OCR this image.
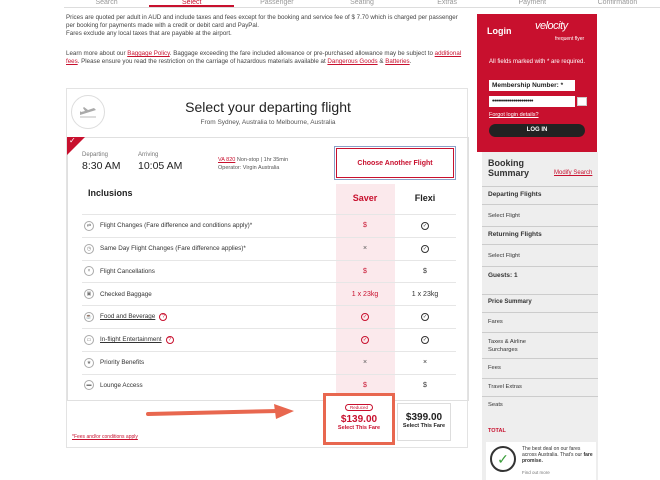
Search	Select	Passenger	Seating	Extras	Payment	Confirmation

Prices are quoted per adult in AUD and include taxes and fees except for the booking and service fee of $ 7.70 which is charged per passenger per booking for payments made with a credit or debit card and PayPal.

Fares exclude any local taxes that are payable at the airport.

Learn more about our Baggage Policy. Baggage exceeding the fare included allowance or pre-purchased allowance may be subject to additional fees. Please ensure you read the restriction on the carriage of hazardous materials available at Dangerous Goods & Batteries.
Select your departing flight
From Sydney, Australia to Melbourne, Australia
✓
Departing
8:30 AM
Arriving
10:05 AM	VA 820 Non-stop | 1hr 35min
Operator: Virgin Australia
Choose Another Flight
Inclusions	Saver	Flexi
⇄	Flight Changes (Fare difference and conditions apply)*	$	✓
◷	Same Day Flight Changes (Fare difference applies)*	×	✓
×	Flight Cancellations	$	$
▣	Checked Baggage	1 x 23kg	1 x 23kg
☕	Food and Beverage ?	✓	✓
▭	In-flight Entertainment ?	✓	✓
★	Priority Benefits	×	×
▬	Lounge Access	$	$
Reduced
$139.00
Select This Fare
$399.00
Select This Fare
*Fees and/or conditions apply
Login velocity
frequent flyer
All fields marked with * are required.
Membership Number: *
•••••••••••••••••••••
Forgot login details?
LOG IN
Booking Summary	Modify Search
Departing Flights
Select Flight
Returning Flights
Select Flight
Guests: 1
Price Summary
Fares
Taxes & Airline Surcharges
Fees
Travel Extras
Seats
TOTAL
✓
The best deal on our fares across Australia. That's our fare promise.
Find out more
